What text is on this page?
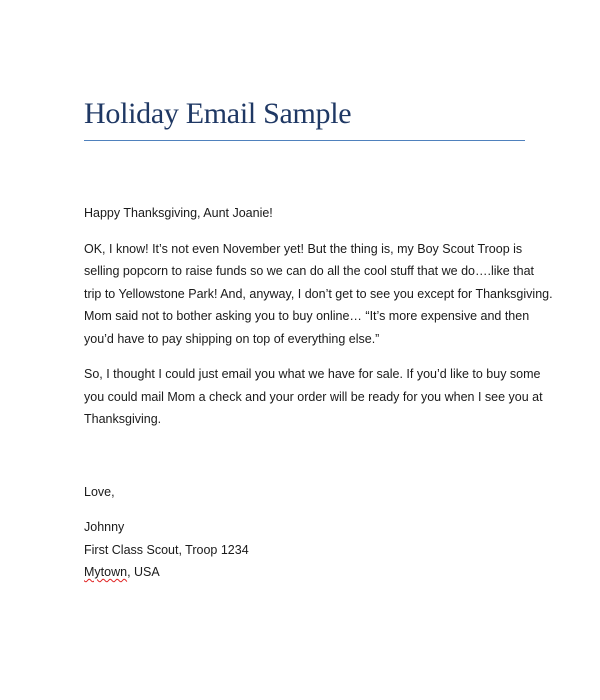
Holiday Email Sample

Happy Thanksgiving, Aunt Joanie!

OK, I know! It’s not even November yet! But the thing is, my Boy Scout Troop is selling popcorn to raise funds so we can do all the cool stuff that we do….like that trip to Yellowstone Park! And, anyway, I don’t get to see you except for Thanksgiving. Mom said not to bother asking you to buy online… “It’s more expensive and then you’d have to pay shipping on top of everything else.”

So, I thought I could just email you what we have for sale. If you’d like to buy some you could mail Mom a check and your order will be ready for you when I see you at Thanksgiving.

Love,

Johnny

First Class Scout, Troop 1234

Mytown, USA
